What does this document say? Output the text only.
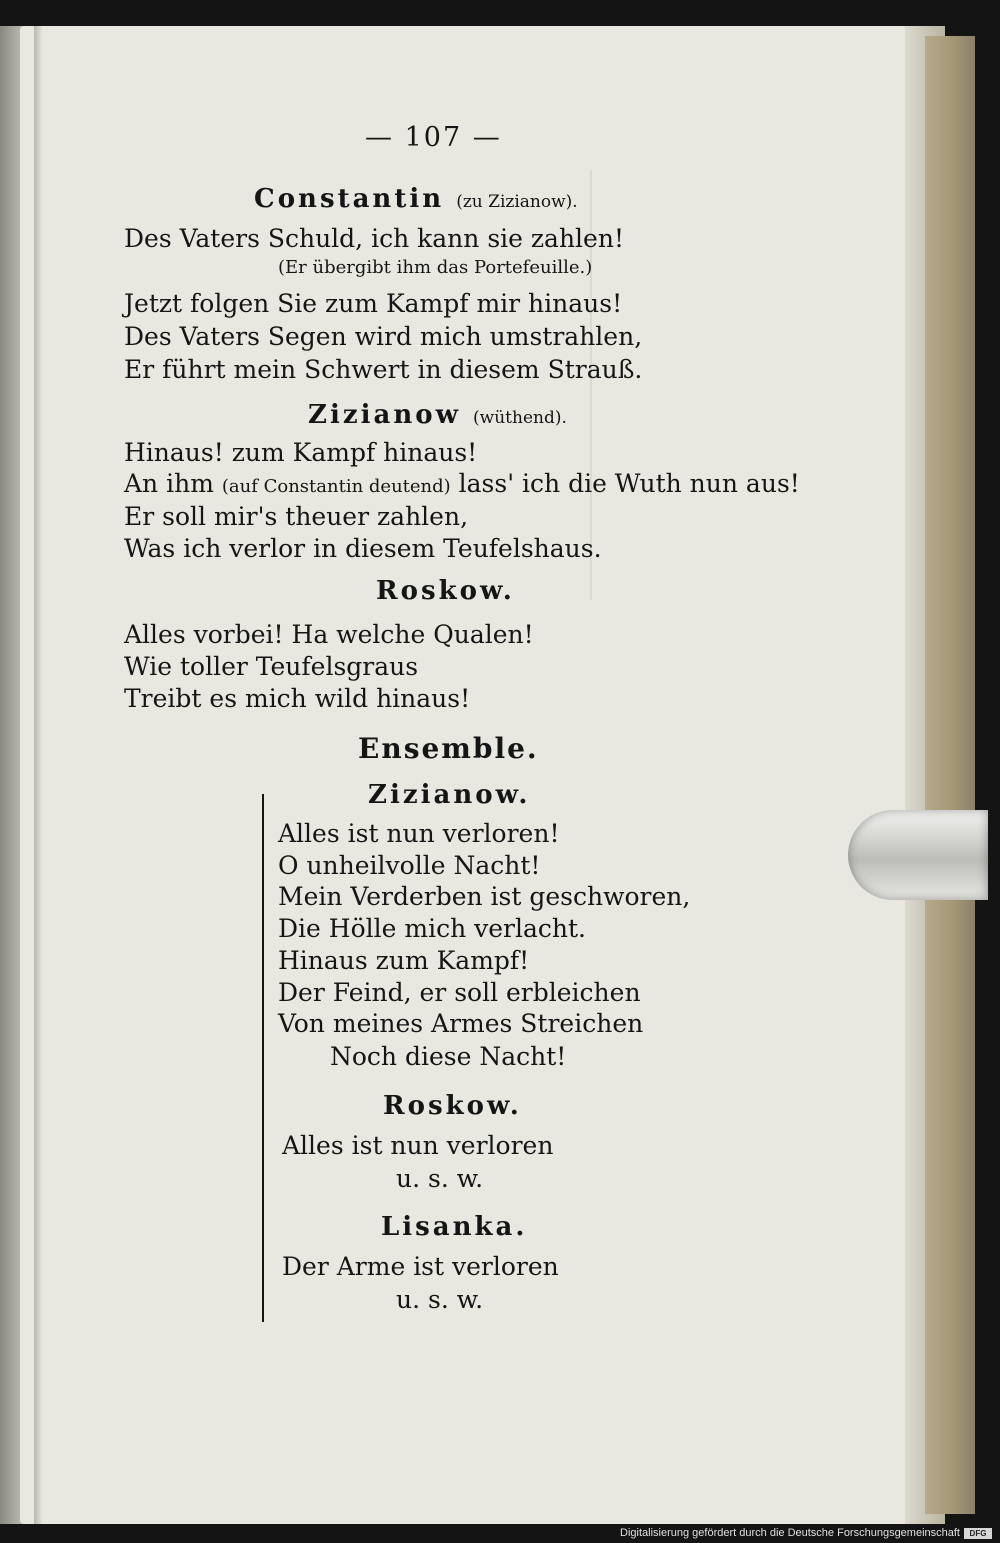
— 107 —
Constantin (zu Zizianow).
Des Vaters Schuld, ich kann sie zahlen!
(Er übergibt ihm das Portefeuille.)
Jetzt folgen Sie zum Kampf mir hinaus!
Des Vaters Segen wird mich umstrahlen,
Er führt mein Schwert in diesem Strauß.
Zizianow (wüthend).
Hinaus! zum Kampf hinaus!
An ihm (auf Constantin deutend) lass' ich die Wuth nun aus!
Er soll mir's theuer zahlen,
Was ich verlor in diesem Teufelshaus.
Roskow.
Alles vorbei! Ha welche Qualen!
Wie toller Teufelsgraus
Treibt es mich wild hinaus!
Ensemble.
Zizianow.
Alles ist nun verloren!
O unheilvolle Nacht!
Mein Verderben ist geschworen,
Die Hölle mich verlacht.
Hinaus zum Kampf!
Der Feind, er soll erbleichen
Von meines Armes Streichen
Noch diese Nacht!
Roskow.
Alles ist nun verloren
u. s. w.
Lisanka.
Der Arme ist verloren
u. s. w.
Digitalisierung gefördert durch die Deutsche Forschungsgemeinschaft	DFG
